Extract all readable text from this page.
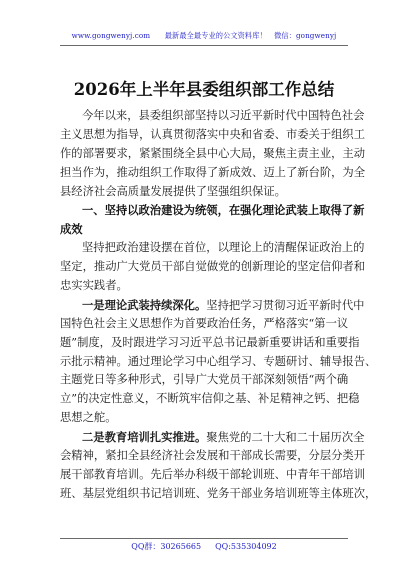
www.gongwenyj.com　　最新最全最专业的公文资料库！　微信：gongwenyj
2026年上半年县委组织部工作总结
今年以来，县委组织部坚持以习近平新时代中国特色社会
主义思想为指导，认真贯彻落实中央和省委、市委关于组织工
作的部署要求，紧紧围绕全县中心大局，聚焦主责主业，主动
担当作为，推动组织工作取得了新成效、迈上了新台阶，为全
县经济社会高质量发展提供了坚强组织保证。
一、坚持以政治建设为统领，在强化理论武装上取得了新
成效
坚持把政治建设摆在首位，以理论上的清醒保证政治上的
坚定，推动广大党员干部自觉做党的创新理论的坚定信仰者和
忠实实践者。
一是理论武装持续深化。坚持把学习贯彻习近平新时代中
国特色社会主义思想作为首要政治任务，严格落实“第一议
题”制度，及时跟进学习习近平总书记最新重要讲话和重要指
示批示精神。通过理论学习中心组学习、专题研讨、辅导报告、
主题党日等多种形式，引导广大党员干部深刻领悟“两个确
立”的决定性意义，不断筑牢信仰之基、补足精神之钙、把稳
思想之舵。
二是教育培训扎实推进。聚焦党的二十大和二十届历次全
会精神，紧扣全县经济社会发展和干部成长需要，分层分类开
展干部教育培训。先后举办科级干部轮训班、中青年干部培训
班、基层党组织书记培训班、党务干部业务培训班等主体班次，
QQ群：30265665 QQ:535304092
